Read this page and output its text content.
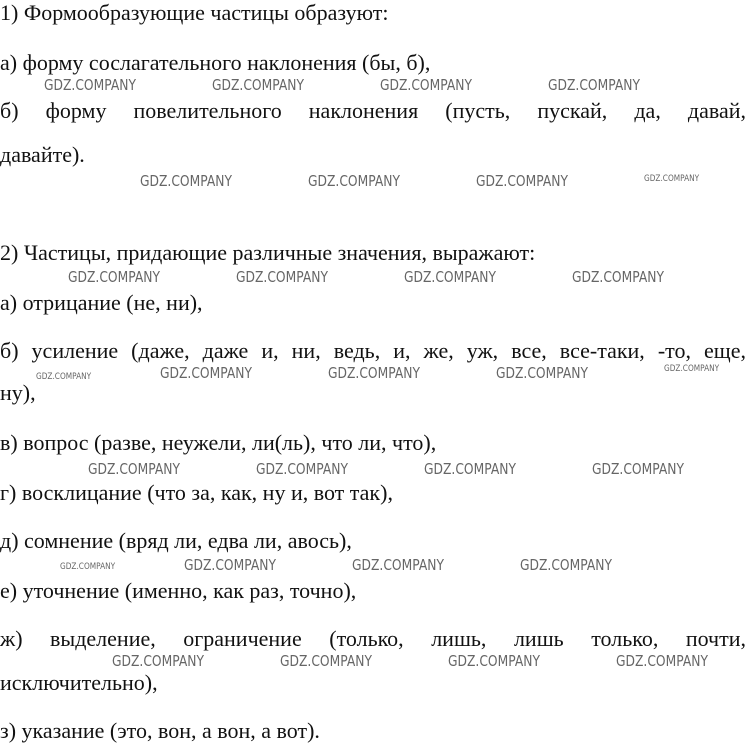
1) Формообразующие частицы образуют:
а) форму сослагательного наклонения (бы, б),
б) форму повелительного наклонения (пусть, пускай, да, давай,
давайте).
2) Частицы, придающие различные значения, выражают:
а) отрицание (не, ни),
б) усиление (даже, даже и, ни, ведь, и, же, уж, все, все-таки, -то, еще,
ну),
в) вопрос (разве, неужели, ли(ль), что ли, что),
г) восклицание (что за, как, ну и, вот так),
д) сомнение (вряд ли, едва ли, авось),
е) уточнение (именно, как раз, точно),
ж) выделение, ограничение (только, лишь, лишь только, почти,
исключительно),
з) указание (это, вон, а вон, а вот).
GDZ.COMPANY	GDZ.COMPANY	GDZ.COMPANY	GDZ.COMPANY
GDZ.COMPANY	GDZ.COMPANY	GDZ.COMPANY	GDZ.COMPANY
GDZ.COMPANY	GDZ.COMPANY	GDZ.COMPANY	GDZ.COMPANY
GDZ.COMPANY	GDZ.COMPANY	GDZ.COMPANY	GDZ.COMPANY	GDZ.COMPANY
GDZ.COMPANY	GDZ.COMPANY	GDZ.COMPANY	GDZ.COMPANY
GDZ.COMPANY	GDZ.COMPANY	GDZ.COMPANY	GDZ.COMPANY
GDZ.COMPANY	GDZ.COMPANY	GDZ.COMPANY	GDZ.COMPANY
